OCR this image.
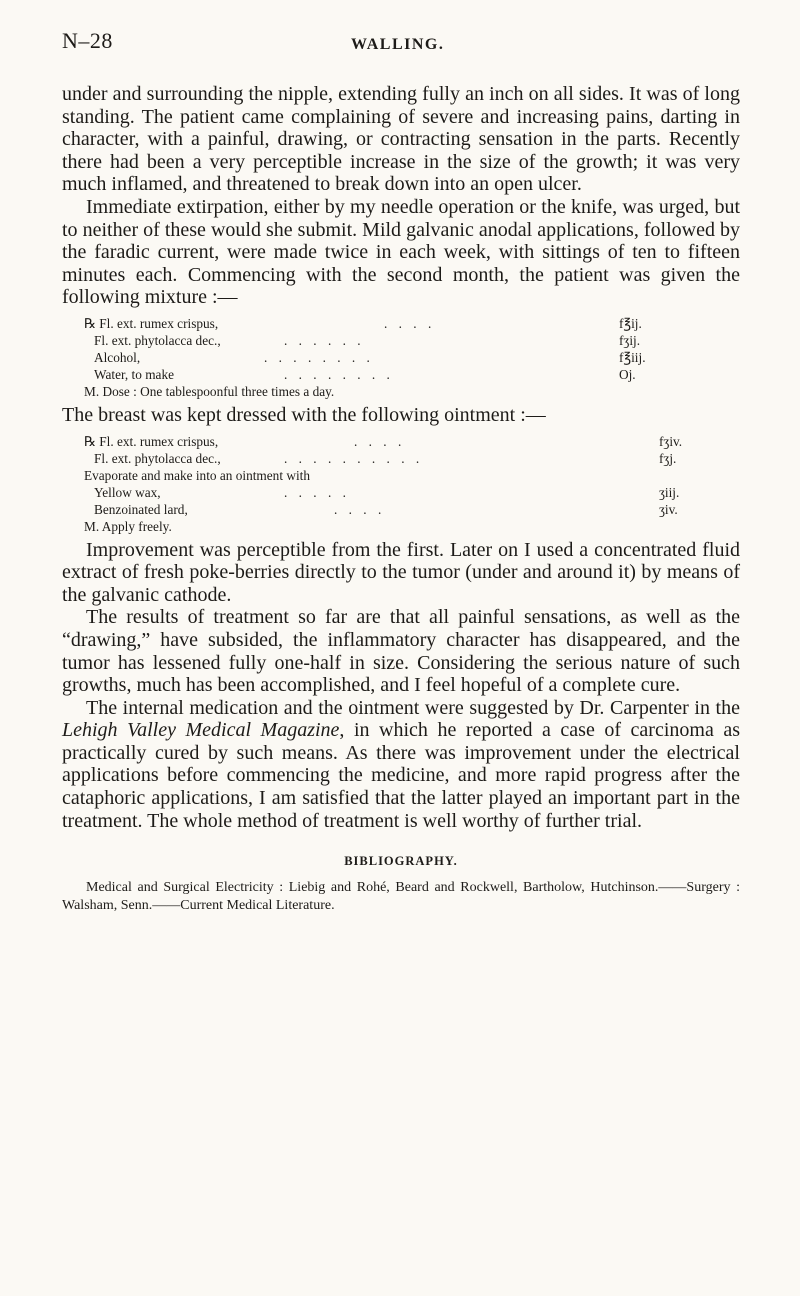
N–28	WALLING.

under and surrounding the nipple, extending fully an inch on all sides. It was of long standing. The patient came complaining of severe and increasing pains, darting in character, with a painful, drawing, or contracting sensation in the parts. Recently there had been a very perceptible increase in the size of the growth; it was very much inflamed, and threatened to break down into an open ulcer.

Immediate extirpation, either by my needle operation or the knife, was urged, but to neither of these would she submit. Mild galvanic anodal applications, followed by the faradic current, were made twice in each week, with sittings of ten to fifteen minutes each. Commencing with the second month, the patient was given the following mixture :—

℞ Fl. ext. rumex crispus,	. . . .	f℥ij.
Fl. ext. phytolacca dec.,	. . . . . .	fʒij.
Alcohol,	. . . . . . . .	f℥iij.
Water, to make	. . . . . . . .	Oj.
M. Dose : One tablespoonful three times a day.

The breast was kept dressed with the following ointment :—

℞ Fl. ext. rumex crispus,	. . . .	fʒiv.
Fl. ext. phytolacca dec.,	. . . . . . . . . .	fʒj.
Evaporate and make into an ointment with
Yellow wax,	. . . . .	ʒiij.
Benzoinated lard,	. . . .	ʒiv.
M. Apply freely.

Improvement was perceptible from the first. Later on I used a concentrated fluid extract of fresh poke-berries directly to the tumor (under and around it) by means of the galvanic cathode.

The results of treatment so far are that all painful sensations, as well as the “drawing,” have subsided, the inflammatory character has disappeared, and the tumor has lessened fully one-half in size. Considering the serious nature of such growths, much has been accomplished, and I feel hopeful of a complete cure.

The internal medication and the ointment were suggested by Dr. Carpenter in the Lehigh Valley Medical Magazine, in which he reported a case of carcinoma as practically cured by such means. As there was improvement under the electrical applications before commencing the medicine, and more rapid progress after the cataphoric applications, I am satisfied that the latter played an important part in the treatment. The whole method of treatment is well worthy of further trial.

BIBLIOGRAPHY.

Medical and Surgical Electricity : Liebig and Rohé, Beard and Rockwell, Bartholow, Hutchinson.——Surgery : Walsham, Senn.——Current Medical Literature.
